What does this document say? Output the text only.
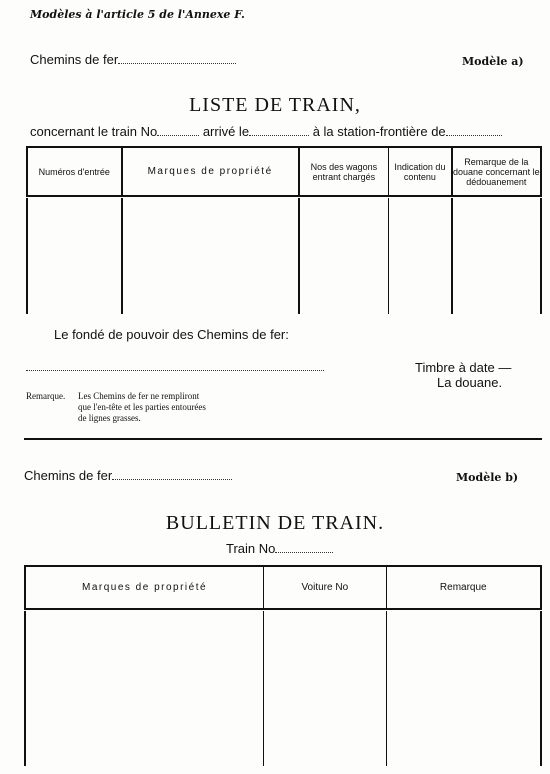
Modèles à l'article 5 de l'Annexe F.
Chemins de fer	Modèle a)
LISTE DE TRAIN,
concernant le train No	arrivé le	à la station-frontière de
Numéros d'entrée	Marques de propriété	Nos des wagons entrant chargés	Indication du contenu	Remarque de la douane concernant le dédouanement

Le fondé de pouvoir des Chemins de fer:
Timbre à date —
La douane.
Remarque. Les Chemins de fer ne rempliront
que l'en-tête et les parties entourées
de lignes grasses.
Chemins de fer	Modèle b)
BULLETIN DE TRAIN.
Train No
Marques de propriété	Voiture No	Remarque
